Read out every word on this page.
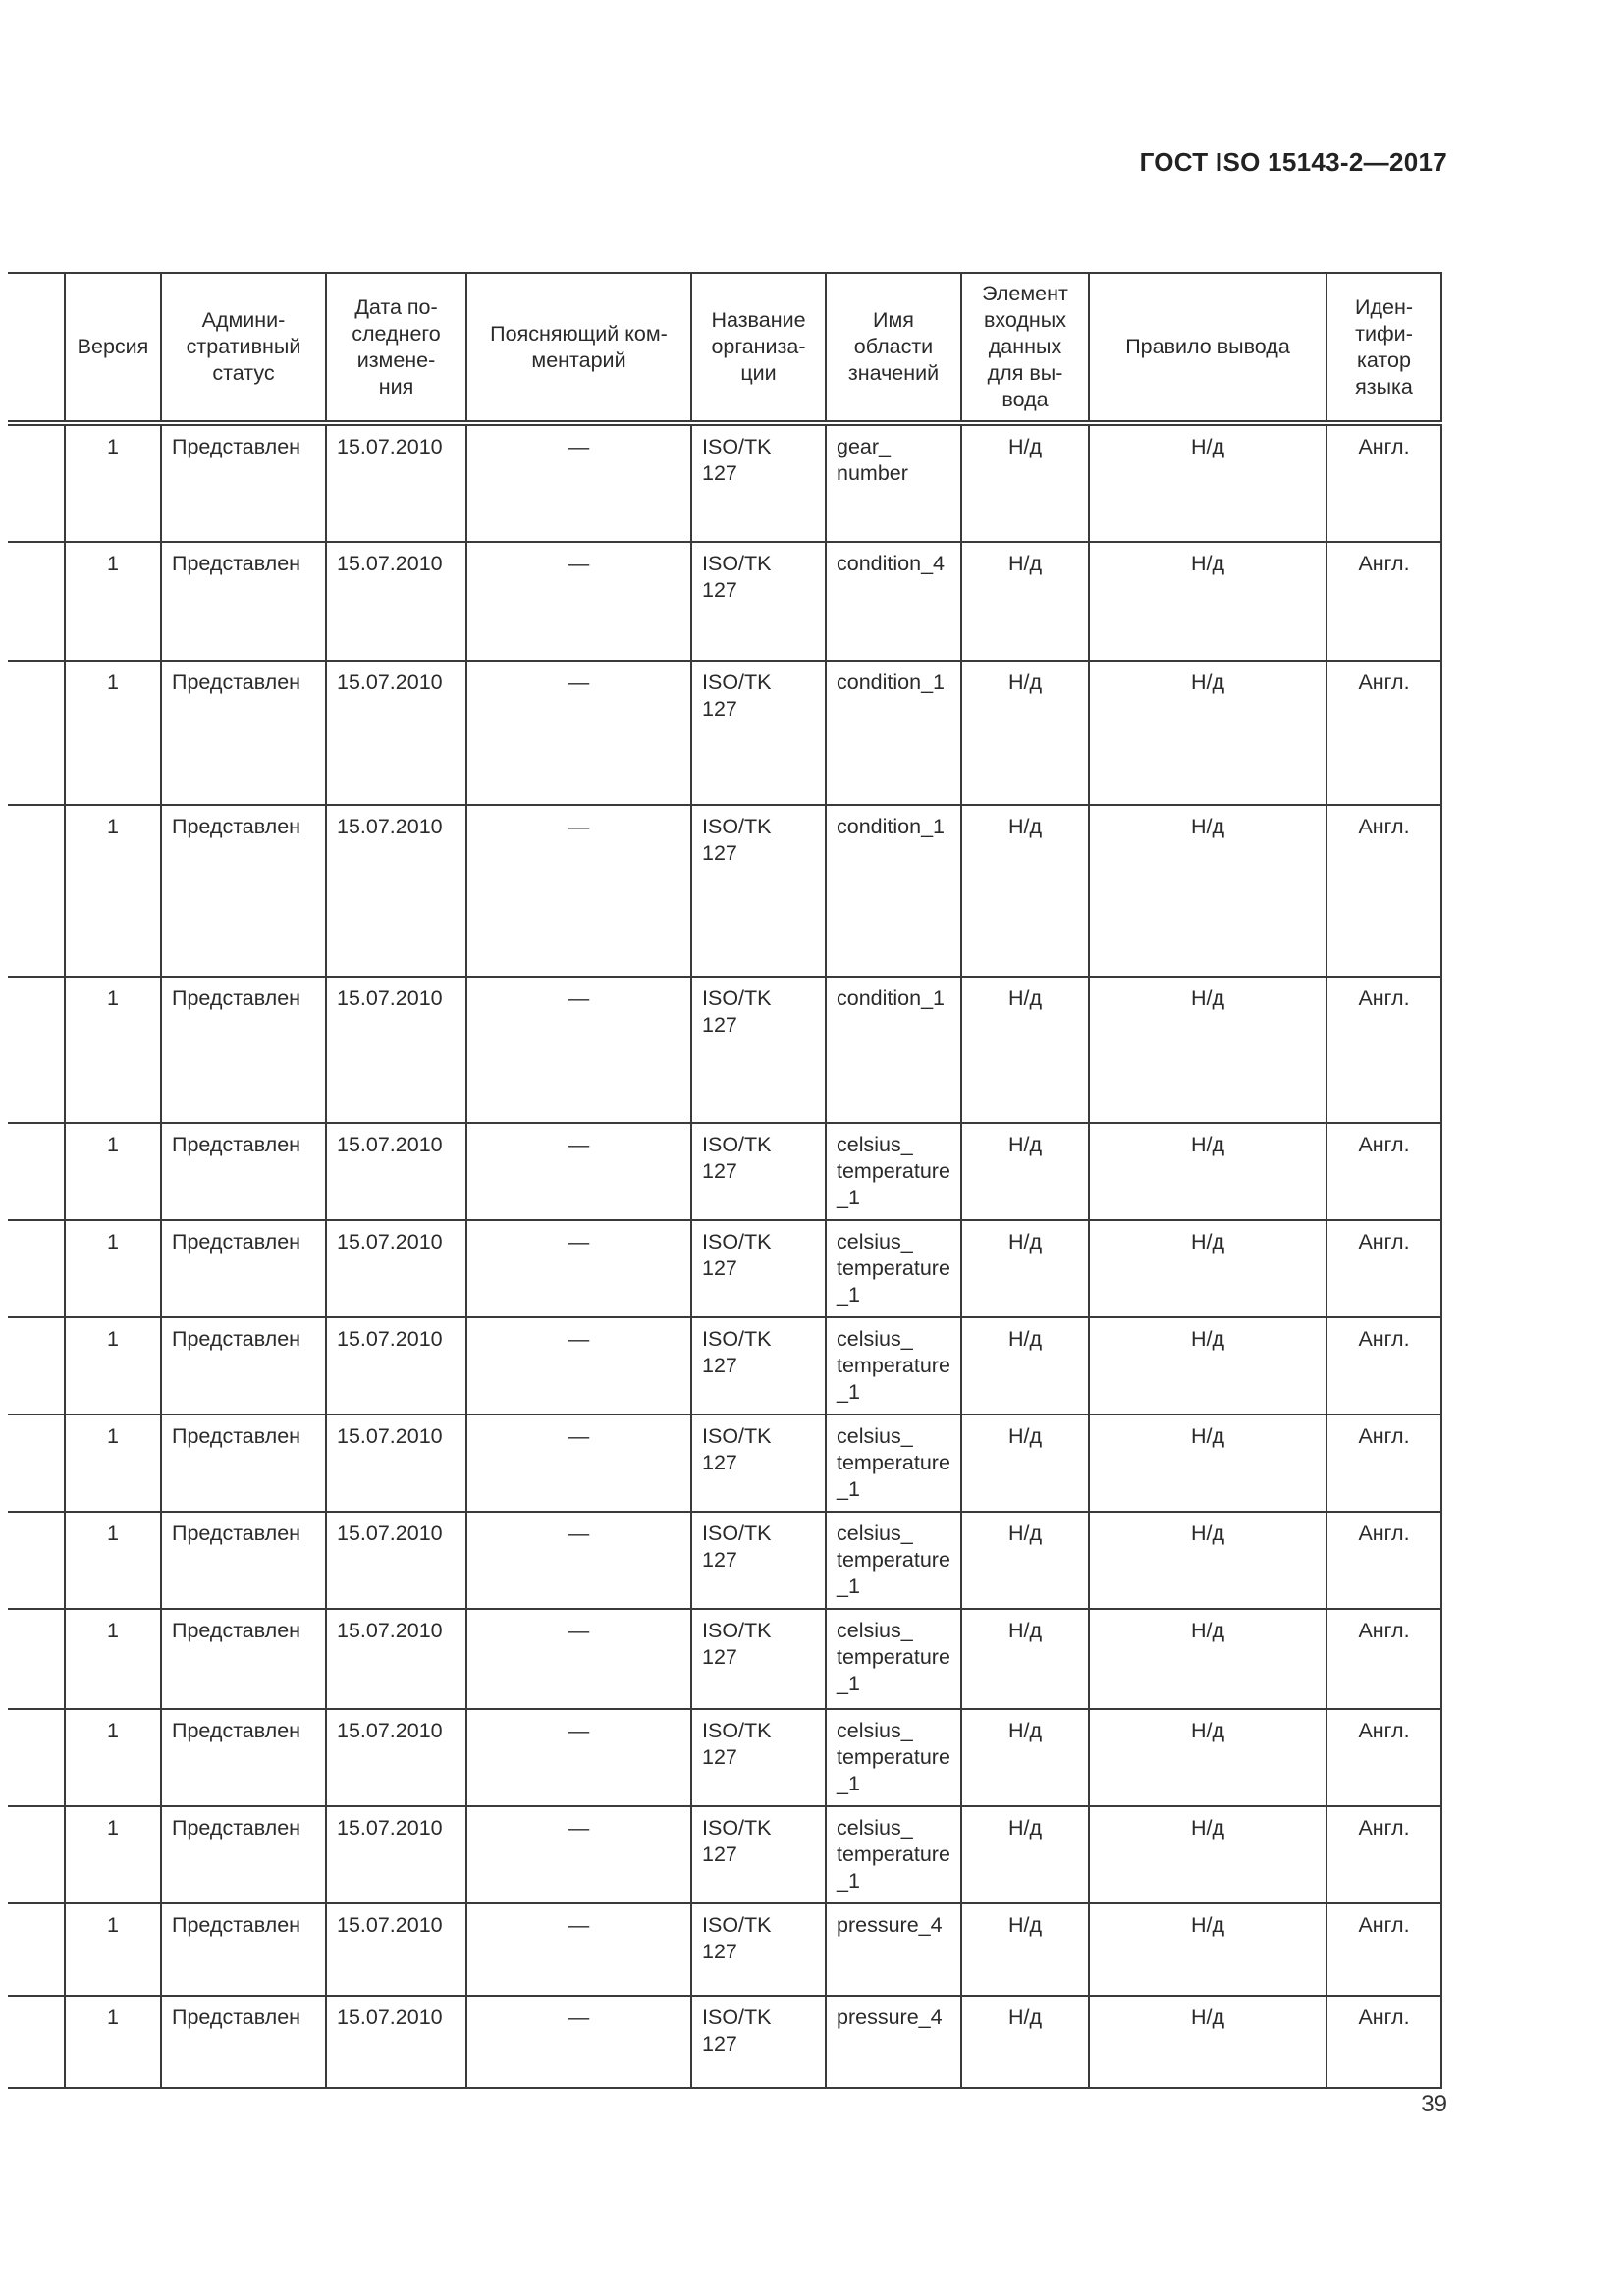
ГОСТ ISO 15143-2—2017
	Версия	Админи-
стративный
статус	Дата по-
следнего
измене-
ния	Поясняющий ком-
ментарий	Название
организа-
ции	Имя
области
значений	Элемент
входных
данных
для вы-
вода	Правило вывода	Иден-
тифи-
катор
языка
	1	Представлен	15.07.2010	—	ISO/TK
127	gear_
number	Н/д	Н/д	Англ.
	1	Представлен	15.07.2010	—	ISO/TK
127	condition_4	Н/д	Н/д	Англ.
	1	Представлен	15.07.2010	—	ISO/TK
127	condition_1	Н/д	Н/д	Англ.
	1	Представлен	15.07.2010	—	ISO/TK
127	condition_1	Н/д	Н/д	Англ.
	1	Представлен	15.07.2010	—	ISO/TK
127	condition_1	Н/д	Н/д	Англ.
	1	Представлен	15.07.2010	—	ISO/TK
127	celsius_
temperature
_1	Н/д	Н/д	Англ.
	1	Представлен	15.07.2010	—	ISO/TK
127	celsius_
temperature
_1	Н/д	Н/д	Англ.
	1	Представлен	15.07.2010	—	ISO/TK
127	celsius_
temperature
_1	Н/д	Н/д	Англ.
	1	Представлен	15.07.2010	—	ISO/TK
127	celsius_
temperature
_1	Н/д	Н/д	Англ.
	1	Представлен	15.07.2010	—	ISO/TK
127	celsius_
temperature
_1	Н/д	Н/д	Англ.
	1	Представлен	15.07.2010	—	ISO/TK
127	celsius_
temperature
_1	Н/д	Н/д	Англ.
	1	Представлен	15.07.2010	—	ISO/TK
127	celsius_
temperature
_1	Н/д	Н/д	Англ.
	1	Представлен	15.07.2010	—	ISO/TK
127	celsius_
temperature
_1	Н/д	Н/д	Англ.
	1	Представлен	15.07.2010	—	ISO/TK
127	pressure_4	Н/д	Н/д	Англ.
	1	Представлен	15.07.2010	—	ISO/TK
127	pressure_4	Н/д	Н/д	Англ.
39
